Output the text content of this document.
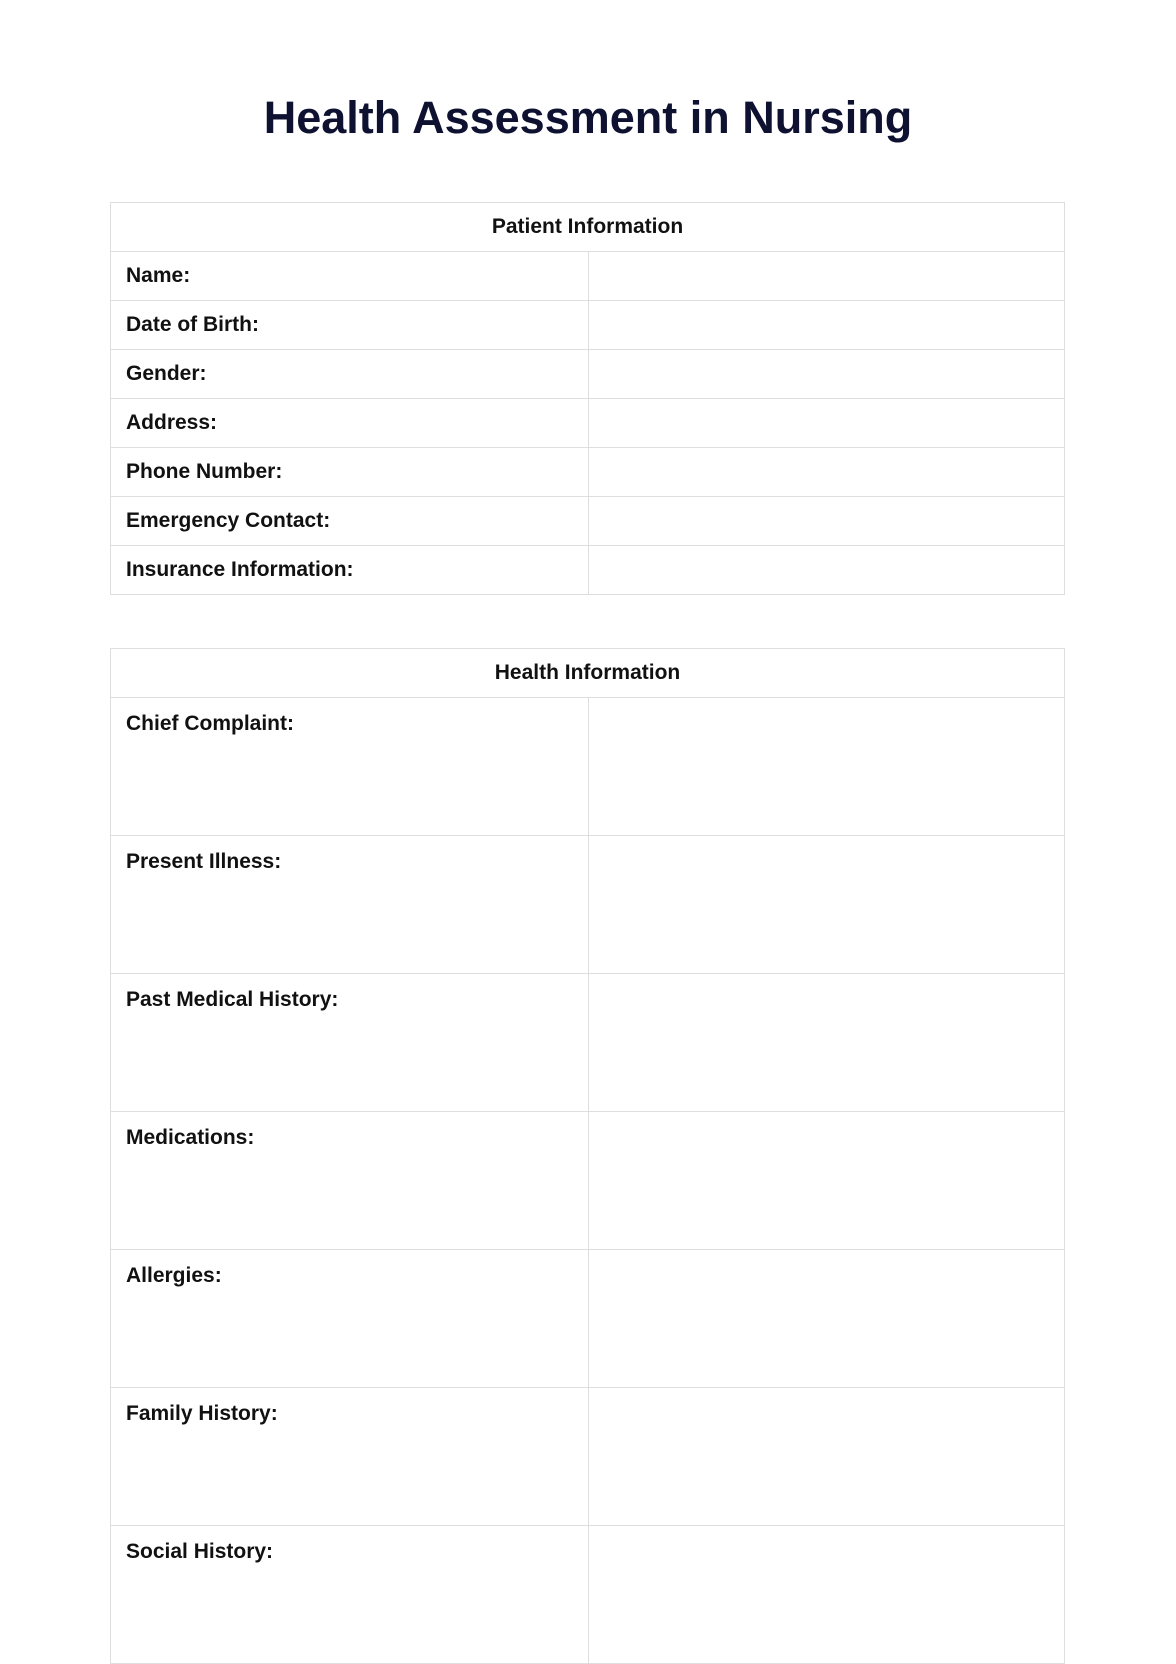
Health Assessment in Nursing
Patient Information	
Name:	
Date of Birth:	
Gender:	
Address:	
Phone Number:	
Emergency Contact:	
Insurance Information:	
Health Information	
Chief Complaint:	
Present Illness:	
Past Medical History:	
Medications:	
Allergies:	
Family History:	
Social History:	
